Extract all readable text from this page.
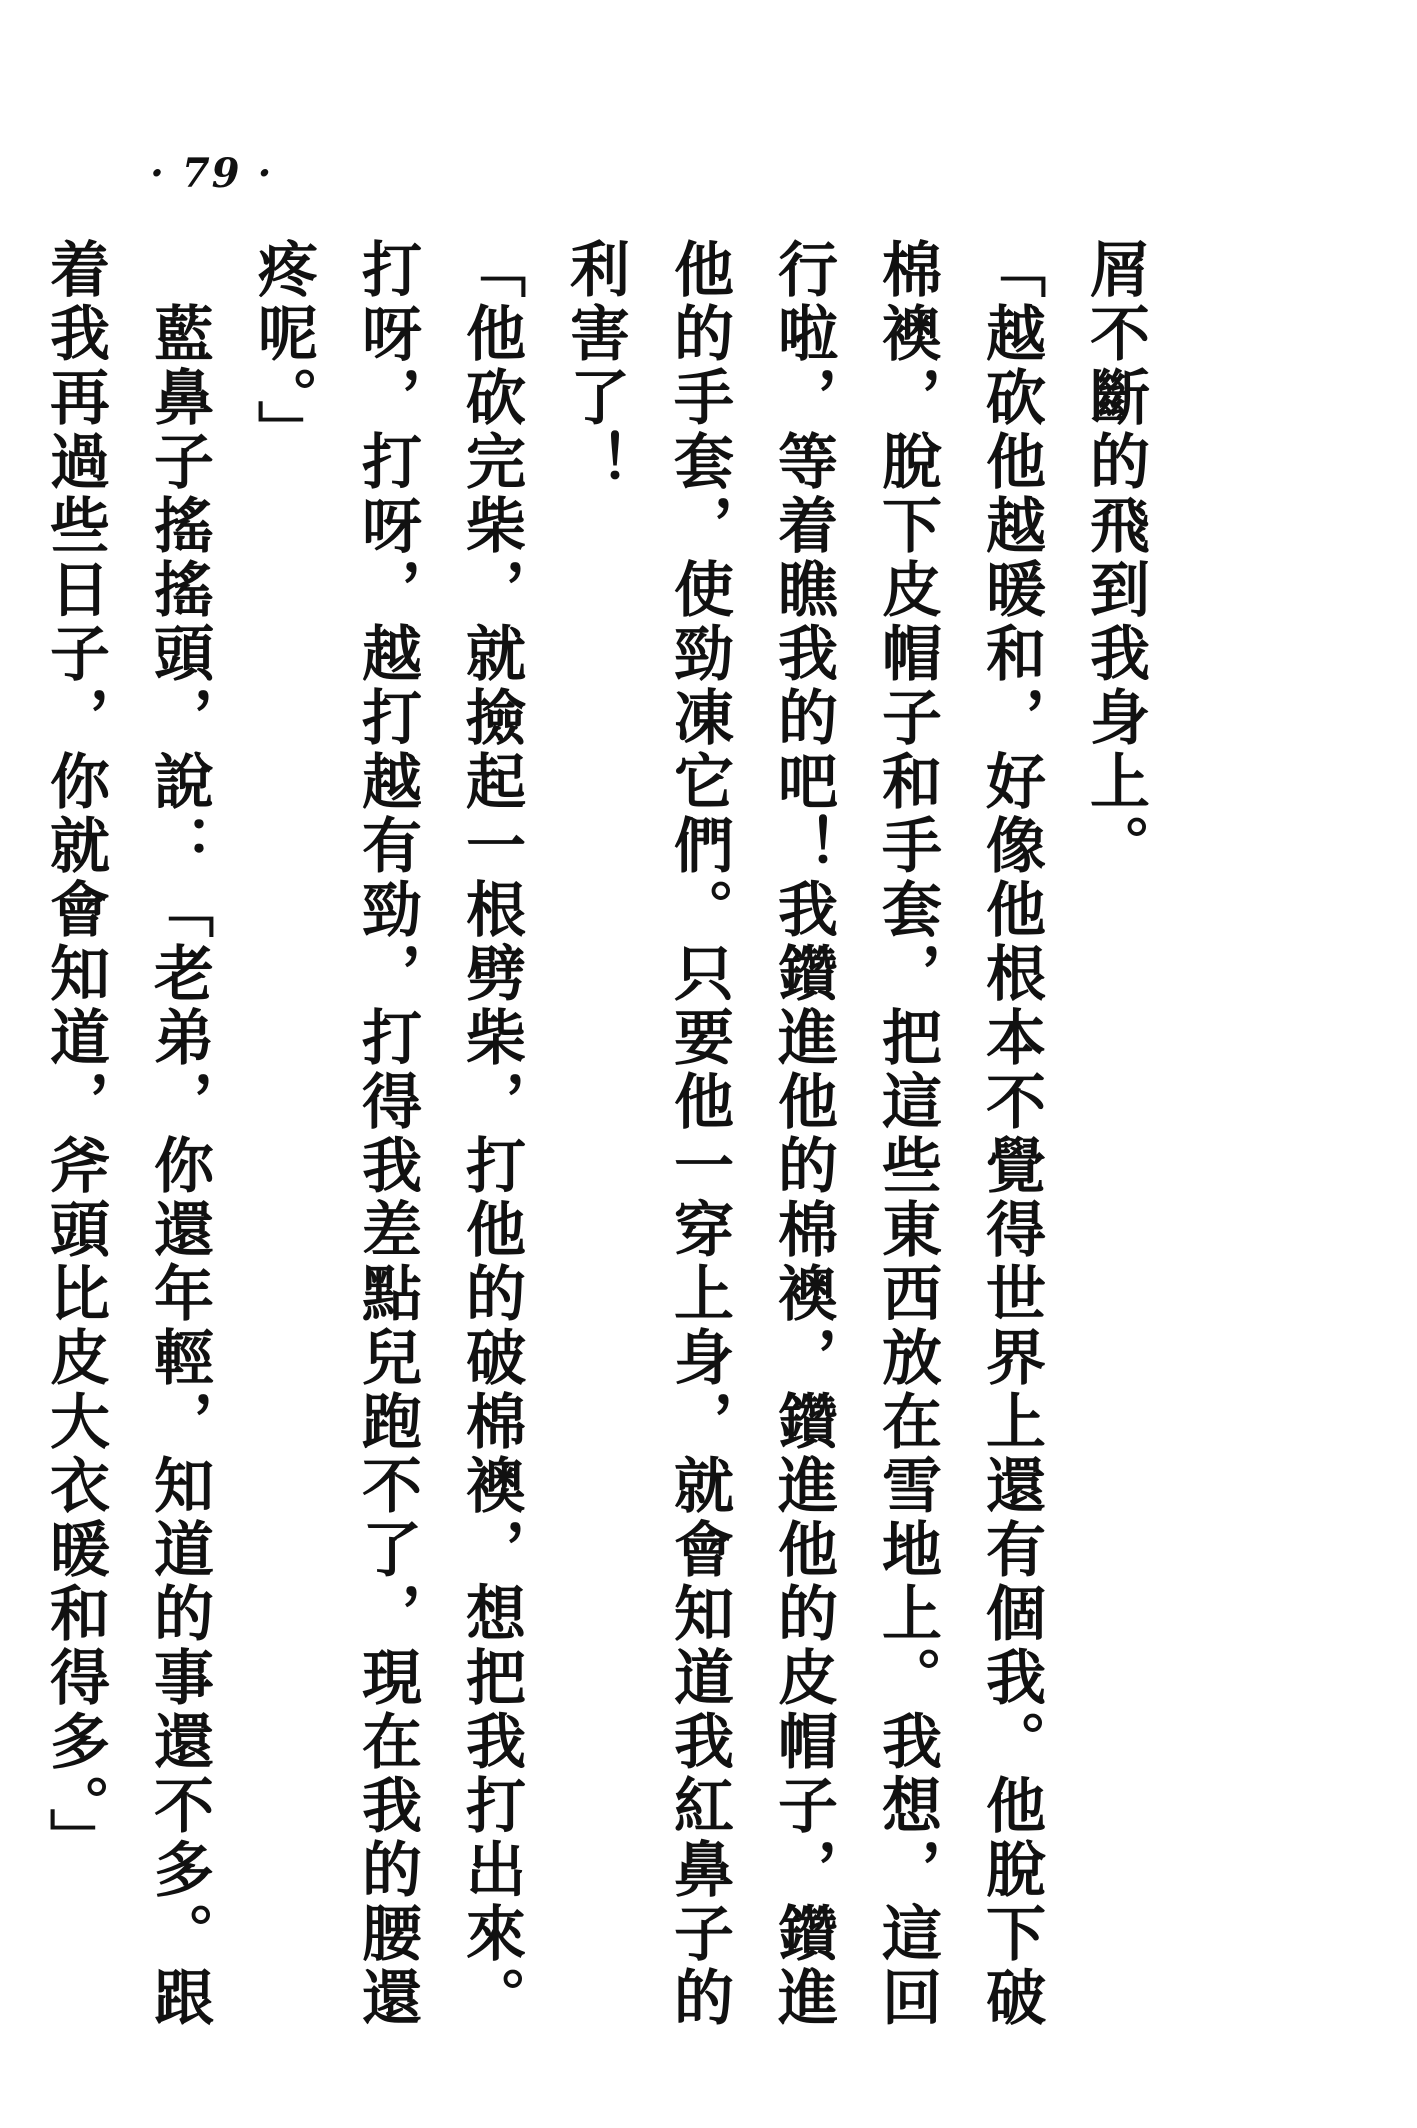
· 79 ·

屑不斷的飛到我身上。

「越砍他越暖和，好像他根本不覺得世界上還有個我。他脫下破棉襖，脫下皮帽子和手套，把這些東西放在雪地上。我想，這回行啦，等着瞧我的吧！我鑽進他的棉襖，鑽進他的皮帽子，鑽進他的手套，使勁凍它們。只要他一穿上身，就會知道我紅鼻子的利害了！

「他砍完柴，就撿起一根劈柴，打他的破棉襖，想把我打出來。打呀，打呀，越打越有勁，打得我差點兒跑不了，現在我的腰還疼呢。」

藍鼻子搖搖頭，說：「老弟，你還年輕，知道的事還不多。跟着我再過些日子，你就會知道，斧頭比皮大衣暖和得多。」
